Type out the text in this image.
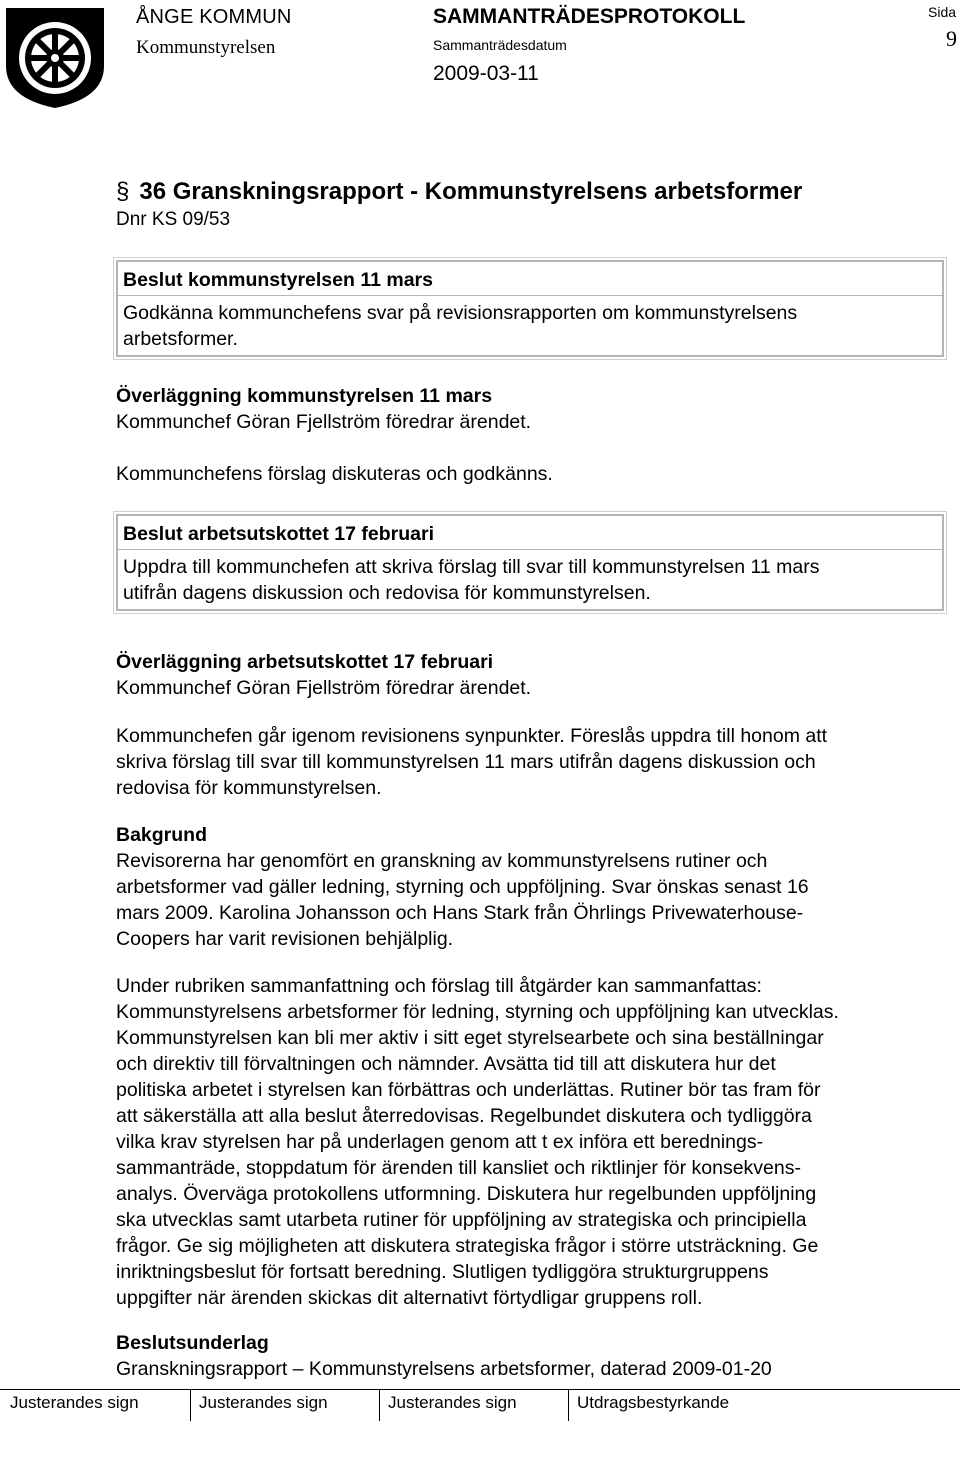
ÅNGE KOMMUN
Kommunstyrelsen
SAMMANTRÄDESPROTOKOLL
Sammanträdesdatum
2009-03-11
Sida
9
§ 36 Granskningsrapport - Kommunstyrelsens arbetsformer
Dnr KS 09/53
Beslut kommunstyrelsen 11 mars
Godkänna kommunchefens svar på revisionsrapporten om kommunstyrelsens
arbetsformer.
Överläggning kommunstyrelsen 11 mars
Kommunchef Göran Fjellström föredrar ärendet.
Kommunchefens förslag diskuteras och godkänns.
Beslut arbetsutskottet 17 februari
Uppdra till kommunchefen att skriva förslag till svar till kommunstyrelsen 11 mars
utifrån dagens diskussion och redovisa för kommunstyrelsen.
Överläggning arbetsutskottet 17 februari
Kommunchef Göran Fjellström föredrar ärendet.
Kommunchefen går igenom revisionens synpunkter. Föreslås uppdra till honom att
skriva förslag till svar till kommunstyrelsen 11 mars utifrån dagens diskussion och
redovisa för kommunstyrelsen.
Bakgrund
Revisorerna har genomfört en granskning av kommunstyrelsens rutiner och
arbetsformer vad gäller ledning, styrning och uppföljning. Svar önskas senast 16
mars 2009. Karolina Johansson och Hans Stark från Öhrlings Privewaterhouse-
Coopers har varit revisionen behjälplig.
Under rubriken sammanfattning och förslag till åtgärder kan sammanfattas:
Kommunstyrelsens arbetsformer för ledning, styrning och uppföljning kan utvecklas.
Kommunstyrelsen kan bli mer aktiv i sitt eget styrelsearbete och sina beställningar
och direktiv till förvaltningen och nämnder. Avsätta tid till att diskutera hur det
politiska arbetet i styrelsen kan förbättras och underlättas. Rutiner bör tas fram för
att säkerställa att alla beslut återredovisas. Regelbundet diskutera och tydliggöra
vilka krav styrelsen har på underlagen genom att t ex införa ett berednings-
sammanträde, stoppdatum för ärenden till kansliet och riktlinjer för konsekvens-
analys. Överväga protokollens utformning. Diskutera hur regelbunden uppföljning
ska utvecklas samt utarbeta rutiner för uppföljning av strategiska och principiella
frågor. Ge sig möjligheten att diskutera strategiska frågor i större utsträckning. Ge
inriktningsbeslut för fortsatt beredning. Slutligen tydliggöra strukturgruppens
uppgifter när ärenden skickas dit alternativt förtydligar gruppens roll.
Beslutsunderlag
Granskningsrapport – Kommunstyrelsens arbetsformer, daterad 2009-01-20
Justerandes sign	Justerandes sign	Justerandes sign	Utdragsbestyrkande
